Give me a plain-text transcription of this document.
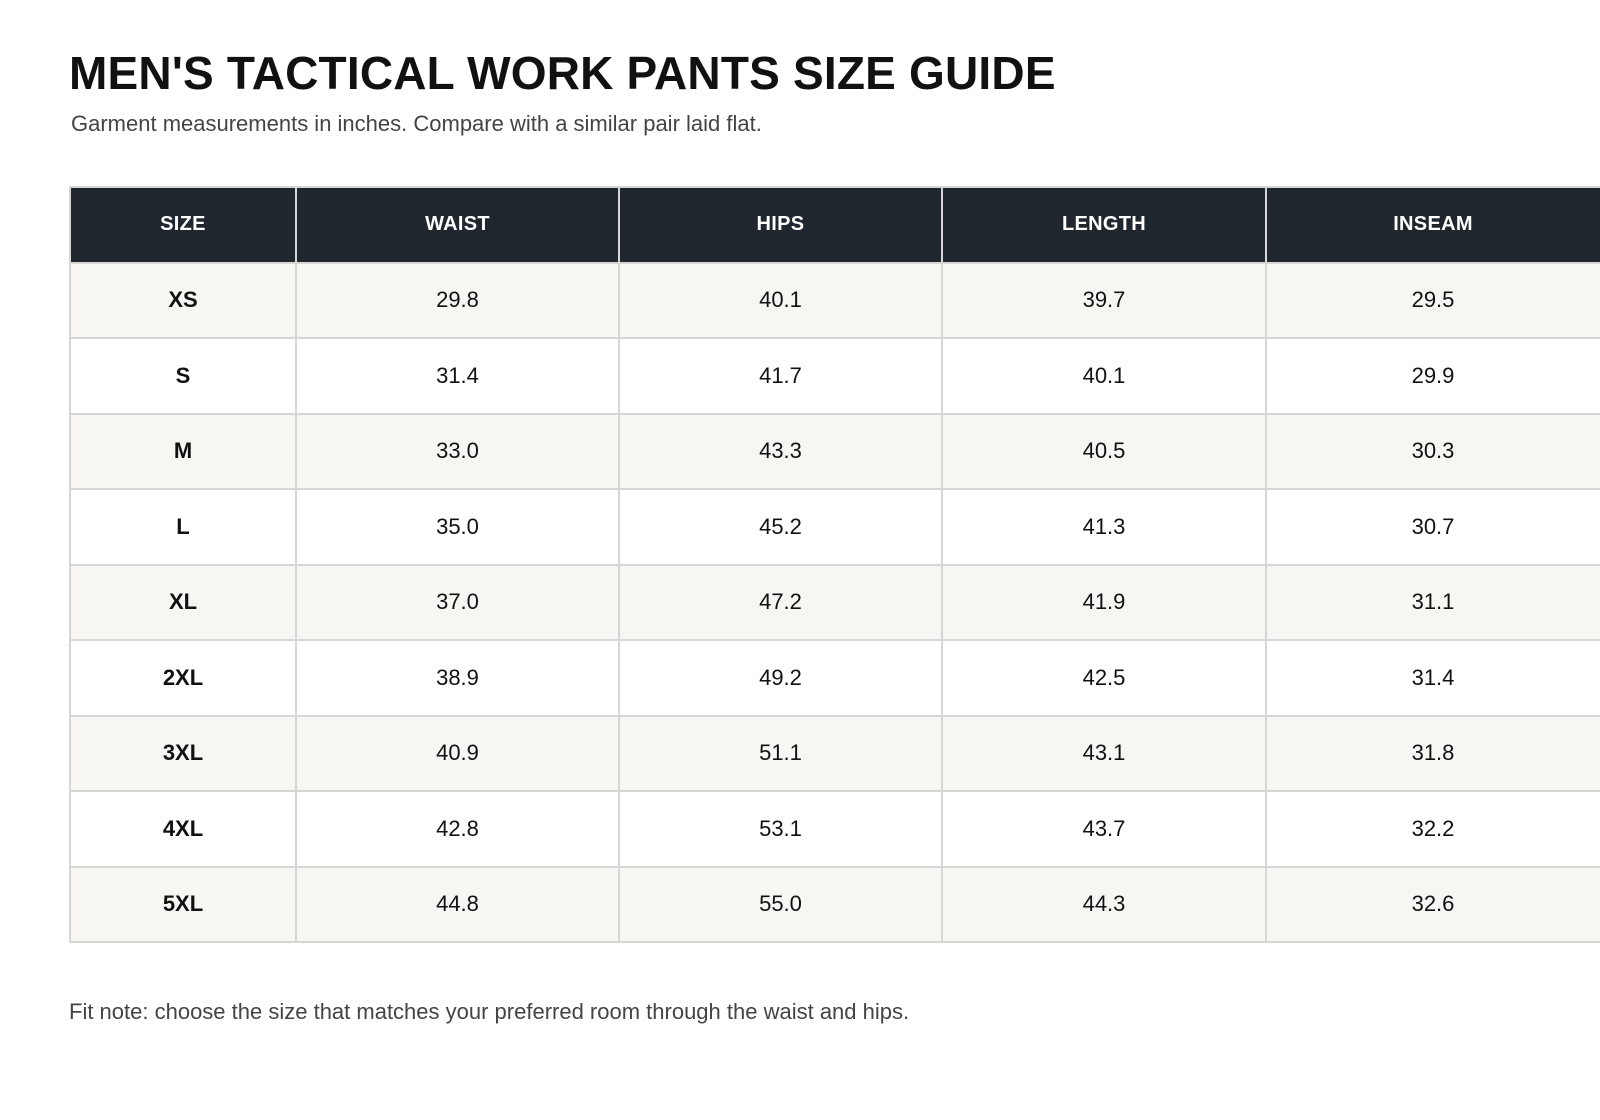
MEN'S TACTICAL WORK PANTS SIZE GUIDE

Garment measurements in inches. Compare with a similar pair laid flat.

SIZE	WAIST	HIPS	LENGTH	INSEAM
XS	29.8	40.1	39.7	29.5
S	31.4	41.7	40.1	29.9
M	33.0	43.3	40.5	30.3
L	35.0	45.2	41.3	30.7
XL	37.0	47.2	41.9	31.1
2XL	38.9	49.2	42.5	31.4
3XL	40.9	51.1	43.1	31.8
4XL	42.8	53.1	43.7	32.2
5XL	44.8	55.0	44.3	32.6

Fit note: choose the size that matches your preferred room through the waist and hips.
